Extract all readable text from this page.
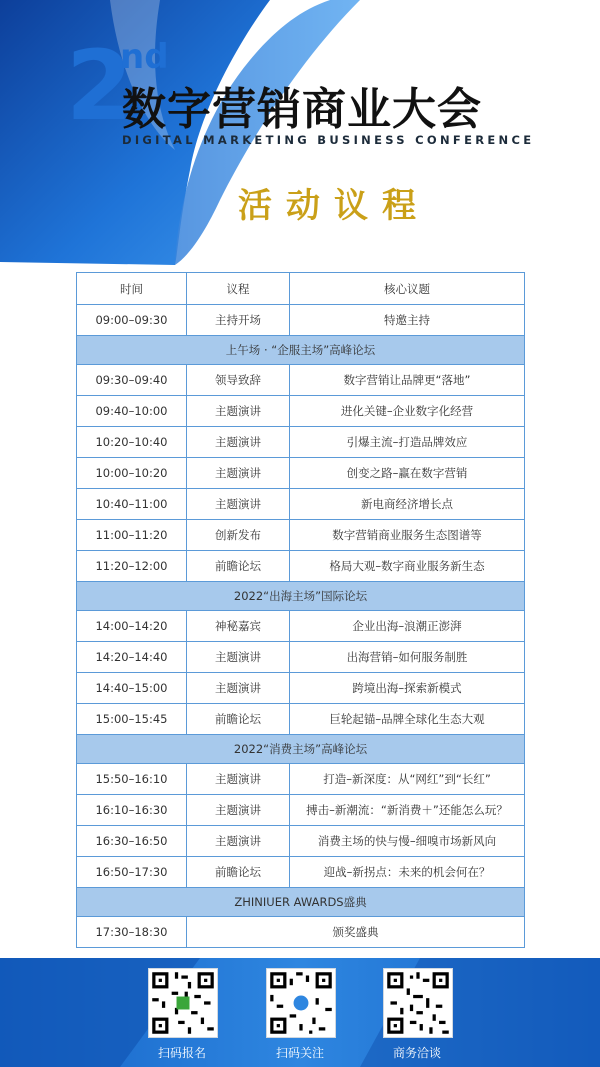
2
nd
数字营销商业大会
DIGITAL MARKETING BUSINESS CONFERENCE
活动议程
时间	议程	核心议题
09:00–09:30	主持开场	特邀主持
上午场 · “企服主场”高峰论坛		
09:30–09:40	领导致辞	数字营销让品牌更“落地”
09:40–10:00	主题演讲	进化关键–企业数字化经营
10:20–10:40	主题演讲	引爆主流–打造品牌效应
10:00–10:20	主题演讲	创变之路–赢在数字营销
10:40–11:00	主题演讲	新电商经济增长点
11:00–11:20	创新发布	数字营销商业服务生态图谱等
11:20–12:00	前瞻论坛	格局大观–数字商业服务新生态
2022“出海主场”国际论坛		
14:00–14:20	神秘嘉宾	企业出海–浪潮正澎湃
14:20–14:40	主题演讲	出海营销–如何服务制胜
14:40–15:00	主题演讲	跨境出海–探索新模式
15:00–15:45	前瞻论坛	巨轮起锚–品牌全球化生态大观
2022“消费主场”高峰论坛		
15:50–16:10	主题演讲	打造–新深度：从“网红”到“长红”
16:10–16:30	主题演讲	搏击–新潮流：“新消费＋”还能怎么玩？
16:30–16:50	主题演讲	消费主场的快与慢–细嗅市场新风向
16:50–17:30	前瞻论坛	迎战–新拐点：未来的机会何在？
ZHINIUER AWARDS盛典		
17:30–18:30	颁奖盛典	
扫码报名	扫码关注	商务洽谈
